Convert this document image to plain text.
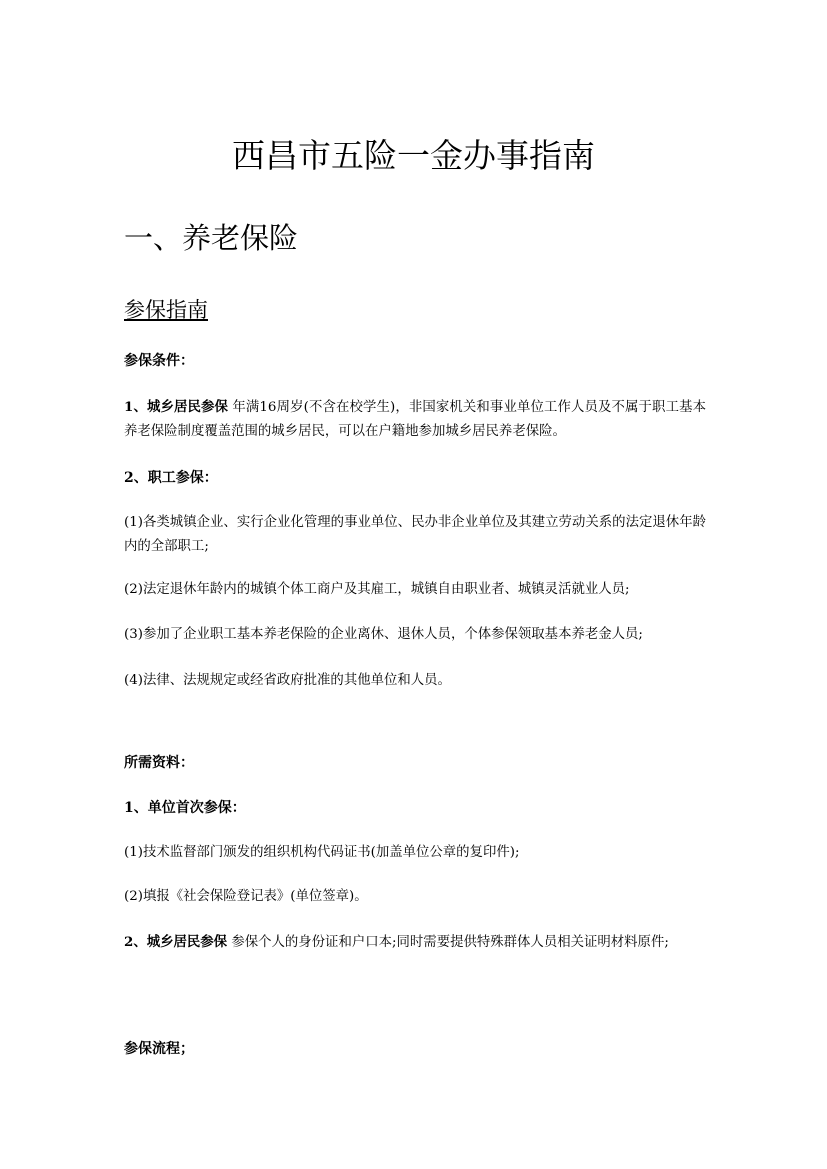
西昌市五险一金办事指南
一、养老保险
参保指南

参保条件：

1、城乡居民参保 年满16周岁(不含在校学生)，非国家机关和事业单位工作人员及不属于职工基本养老保险制度覆盖范围的城乡居民，可以在户籍地参加城乡居民养老保险。

2、职工参保：

(1)各类城镇企业、实行企业化管理的事业单位、民办非企业单位及其建立劳动关系的法定退休年龄内的全部职工;

(2)法定退休年龄内的城镇个体工商户及其雇工，城镇自由职业者、城镇灵活就业人员;

(3)参加了企业职工基本养老保险的企业离休、退休人员，个体参保领取基本养老金人员;

(4)法律、法规规定或经省政府批准的其他单位和人员。

所需资料：

1、单位首次参保：

(1)技术监督部门颁发的组织机构代码证书(加盖单位公章的复印件);

(2)填报《社会保险登记表》(单位签章)。

2、城乡居民参保 参保个人的身份证和户口本;同时需要提供特殊群体人员相关证明材料原件;

参保流程；
